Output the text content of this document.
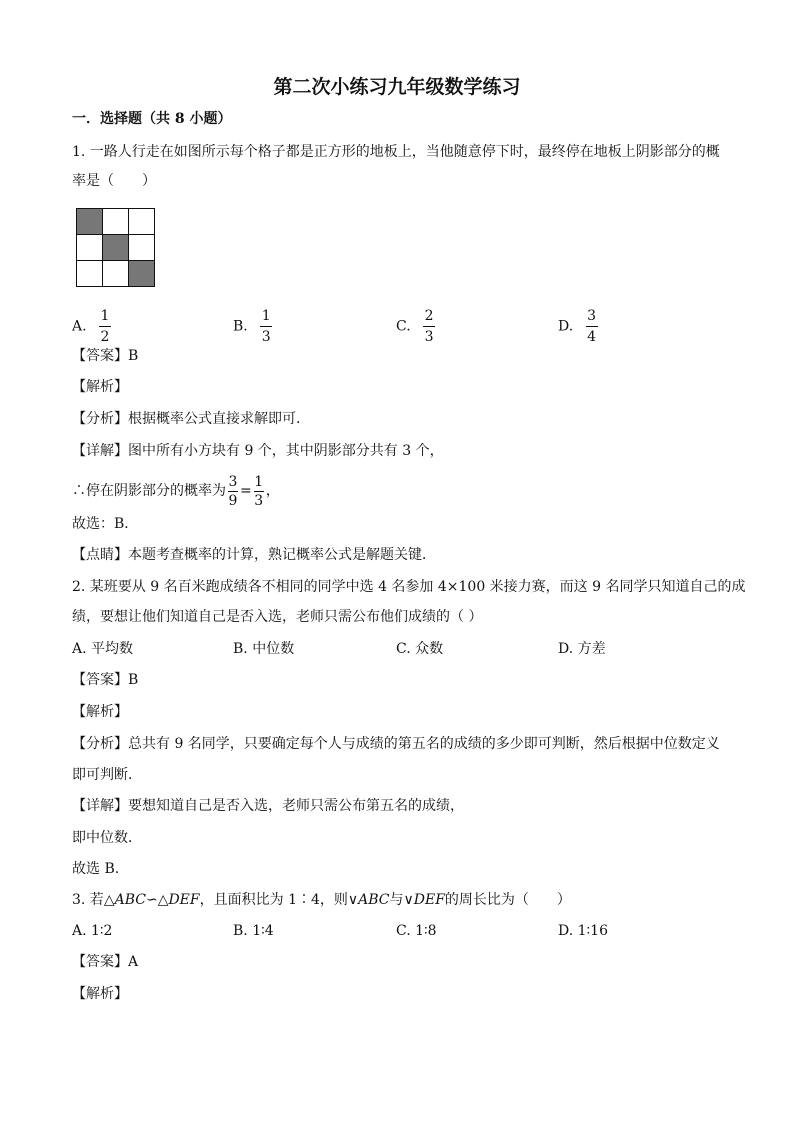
第二次小练习九年级数学练习
一．选择题（共 8 小题）
1. 一路人行走在如图所示每个格子都是正方形的地板上，当他随意停下时，最终停在地板上阴影部分的概
率是（　　）

A. $\frac{1}{2}$	B. $\frac{1}{3}$	C. $\frac{2}{3}$	D. $\frac{3}{4}$
【答案】B
【解析】
【分析】根据概率公式直接求解即可．
【详解】图中所有小方块有 9 个，其中阴影部分共有 3 个，
∴停在阴影部分的概率为 $\frac{3}{9} = \frac{1}{3}$ ，
故选：B．
【点睛】本题考查概率的计算，熟记概率公式是解题关键．
2. 某班要从 9 名百米跑成绩各不相同的同学中选 4 名参加 4×100 米接力赛，而这 9 名同学只知道自己的成
绩，要想让他们知道自己是否入选，老师只需公布他们成绩的（ ）
A. 平均数	B. 中位数	C. 众数	D. 方差
【答案】B
【解析】
【分析】总共有 9 名同学，只要确定每个人与成绩的第五名的成绩的多少即可判断，然后根据中位数定义
即可判断．
【详解】要想知道自己是否入选，老师只需公布第五名的成绩，
即中位数．
故选 B.
3. 若△ABC∽△DEF，且面积比为 1∶4，则∨ABC与∨DEF的周长比为（　　）
A. 1∶2	B. 1∶4	C. 1∶8	D. 1∶16
【答案】A
【解析】
